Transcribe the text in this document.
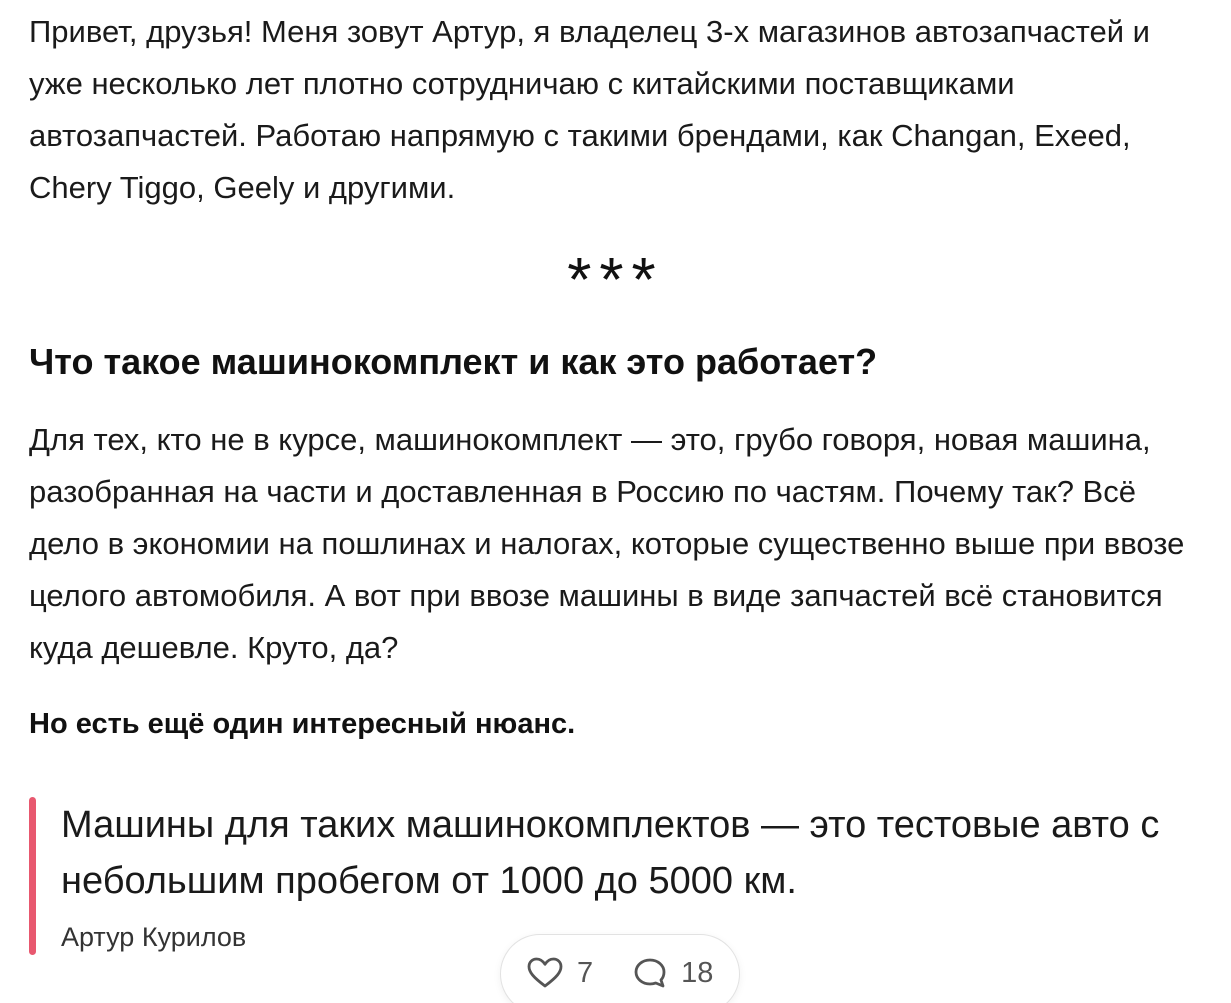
Привет, друзья! Меня зовут Артур, я владелец 3-х магазинов автозапчастей и уже несколько лет плотно сотрудничаю с китайскими поставщиками автозапчастей. Работаю напрямую с такими брендами, как Changan, Exeed, Chery Tiggo, Geely и другими.

***
Что такое машинокомплект и как это работает?

Для тех, кто не в курсе, машинокомплект — это, грубо говоря, новая машина, разобранная на части и доставленная в Россию по частям. Почему так? Всё дело в экономии на пошлинах и налогах, которые существенно выше при ввозе целого автомобиля. А вот при ввозе машины в виде запчастей всё становится куда дешевле. Круто, да?

Но есть ещё один интересный нюанс.

Машины для таких машинокомплектов — это тестовые авто с небольшим пробегом от 1000 до 5000 км.
Артур Курилов
7	18
